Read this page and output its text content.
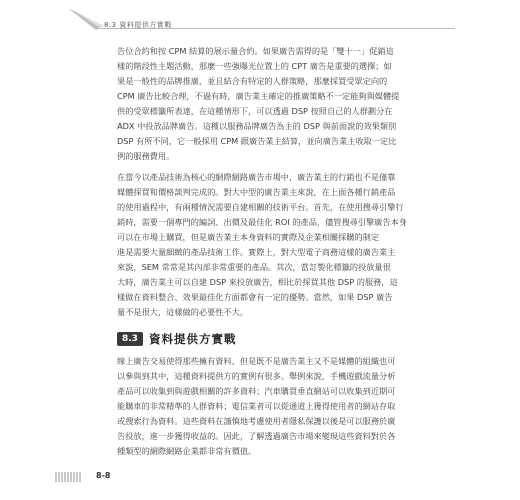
8.3 資料提供方實戰
告位合約和按 CPM 結算的展示量合約。如果廣告需得的是「雙十一」促銷這
樣的階段性主題活動，那麼一些強曝光位置上的 CPT 廣告是重要的選擇；如
果是一般性的品牌推廣，並且結合有特定的人群策略，那麼採買受眾定向的
CPM 廣告比較合理，不過有時，廣告業主確定的推廣策略不一定能夠與媒體提
供的受眾標籤所表達，在這種情形下，可以透過 DSP 按照自己的人群劃分在
ADX 中投放品牌廣告。這種以服務品牌廣告為主的 DSP 與前面說的效果類別
DSP 有所不同，它一般採用 CPM 跟廣告業主結算，並向廣告業主收取一定比
例的服務費用。
在當今以產品技術為核心的網際網路廣告市場中，廣告業主的行銷也不是僅靠
媒體採買和價格談判完成的。對大中型的廣告業主來說，在上面各種行銷產品
的使用過程中，有兩種情況需要自建相關的技術平台。首先，在使用搜尋引擎行
銷時，需要一個專門的編詞、出價及最佳化 ROI 的產品，儘管搜尋引擎廣告本身
可以在市場上購買，但是廣告業主本身資料的實際及企業相關採購的制定
進是需要大量細緻的產品技術工作。實際上，對大型電子商務這樣的廣告業主
來說，SEM 常常是其內部非常重要的產品。其次，當訂製化標籤的投放量很
大時，廣告業主可以自建 DSP 來投放廣告，相比於採買其他 DSP 的服務，這
樣做在資料整合、效果最佳化方面都會有一定的優勢。當然，如果 DSP 廣告
量不是很大，這樣做的必要性不大。
8.3 資料提供方實戰
線上廣告交易使得那些擁有資料、但是既不是廣告業主又不是媒體的組織也可
以參與到其中，這種資料提供方的實例有很多。舉例來說，手機遊戲流量分析
產品可以收集到與遊戲相關的許多資料；汽車購買垂直網站可以收集到近期可
能購車的非常精準的人群資料；電信業者可以從通道上獲得使用者的網站存取
或搜索行為資料。這些資料在謹慎地考慮使用者隱私保護以後是可以服務於廣
告投放，進一步獲得收益的。因此，了解透過廣告市場來變現這些資料對於各
種類型的網際網路企業都非常有價值。
8-8
